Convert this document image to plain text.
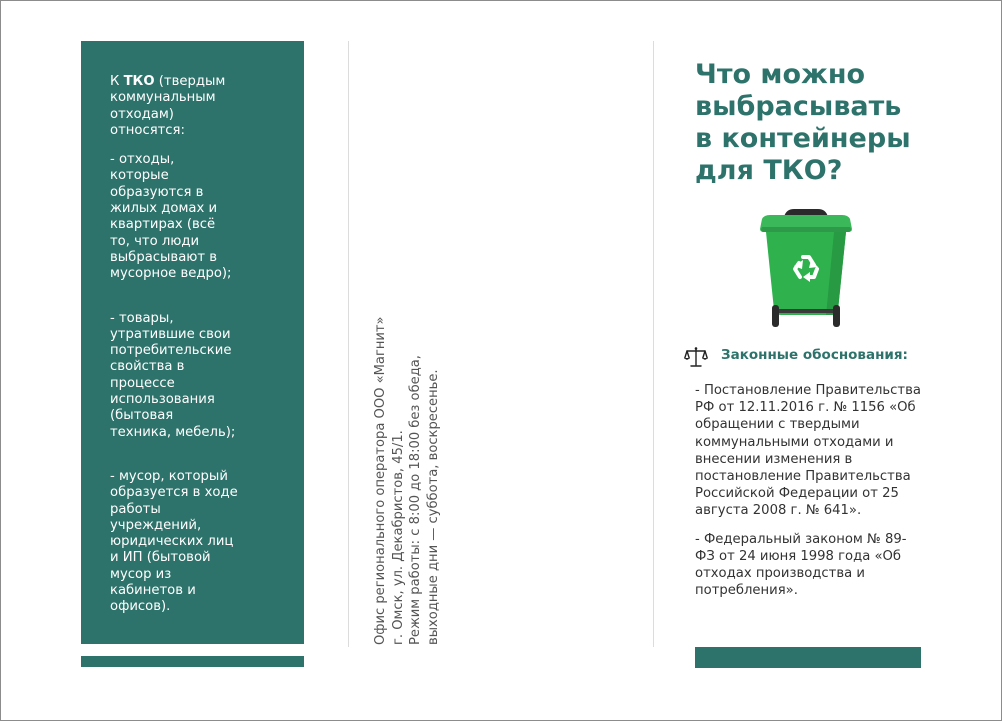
К ТКО (твердым
коммунальным
отходам)
относятся:

- отходы,
которые
образуются в
жилых домах и
квартирах (всё
то, что люди
выбрасывают в
мусорное ведро);

- товары,
утратившие свои
потребительские
свойства в
процессе
использования
(бытовая
техника, мебель);

- мусор, который
образуется в ходе
работы
учреждений,
юридических лиц
и ИП (бытовой
мусор из
кабинетов и
офисов).	Офис регионального оператора ООО «Магнит» г. Омск, ул. Декабристов, 45/1. Режим работы: с 8:00 до 18:00 без обеда, выходные дни — суббота, воскресенье.
Что можно
выбрасывать
в контейнеры
для ТКО?
Законные обоснования:

- Постановление Правительства
РФ от 12.11.2016 г. № 1156 «Об
обращении с твердыми
коммунальными отходами и
внесении изменения в
постановление Правительства
Российской Федерации от 25
августа 2008 г. № 641».

- Федеральный законом № 89-
ФЗ от 24 июня 1998 года «Об
отходах производства и
потребления».
